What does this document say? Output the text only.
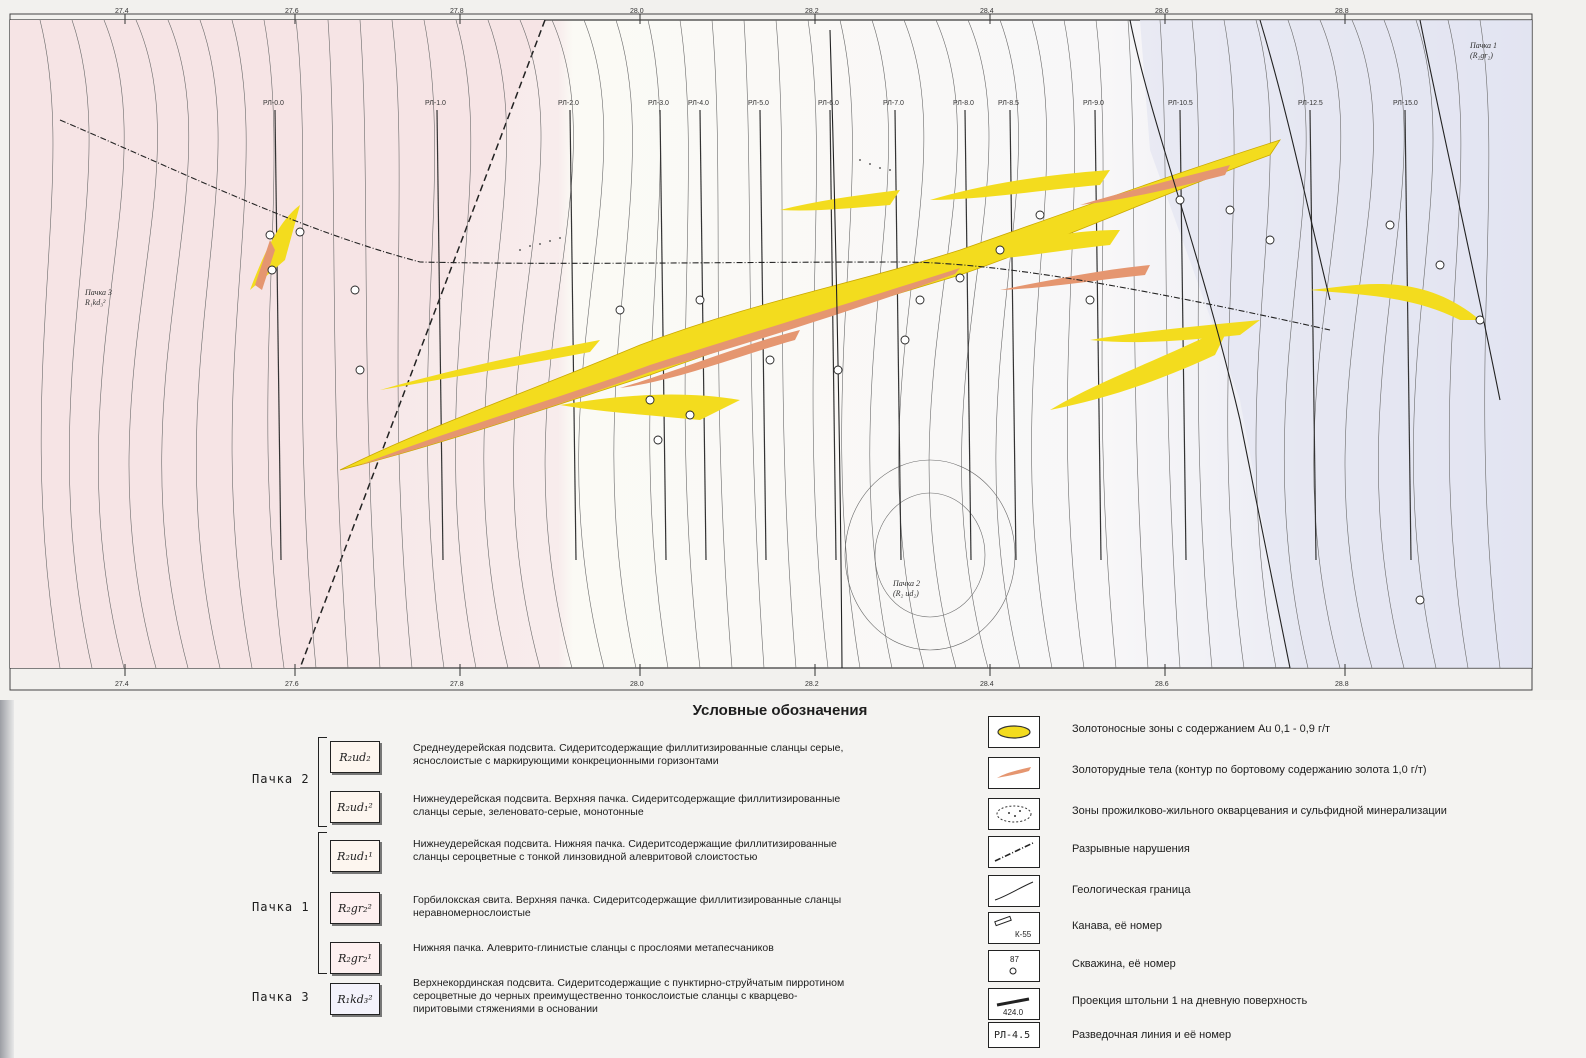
РЛ-0.0	РЛ-1.0	РЛ-2.0	РЛ-3.0	РЛ-4.0	РЛ-5.0	РЛ-6.0	РЛ-7.0	РЛ-8.0	РЛ-8.5	РЛ-9.0	РЛ-10.5	РЛ-12.5	РЛ-15.0
27.4	27.6	27.8	28.0	28.2	28.4	28.6	28.8
27.4	27.6	27.8	28.0	28.2	28.4	28.6	28.8
Пачка 3
R₁kd₃²
Пачка 2
(R₂ ud₂)
Пачка 1
(R₂gr₂)
Условные обозначения
Пачка 2
Пачка 1
Пачка 3
R₂ud₂
Среднеудерейская подсвита. Сидеритсодержащие филлитизированные сланцы серые, яснослоистые с маркирующими конкреционными горизонтами
R₂ud₁²
Нижнеудерейская подсвита. Верхняя пачка. Сидеритсодержащие филлитизированные сланцы серые, зеленовато-серые, монотонные
R₂ud₁¹
Нижнеудерейская подсвита. Нижняя пачка. Сидеритсодержащие филлитизированные сланцы сероцветные с тонкой линзовидной алевритовой слоистостью
R₂gr₂²
Горбилокская свита. Верхняя пачка. Сидеритсодержащие филлитизированные сланцы неравномернослоистые
R₂gr₂¹
Нижняя пачка. Алеврито-глинистые сланцы с прослоями метапесчаников
R₁kd₃²
Верхнекординская подсвита. Сидеритсодержащие с пунктирно-струйчатым пирротином сероцветные до черных преимущественно тонкослоистые сланцы с кварцево-пиритовыми стяжениями в основании
Золотоносные зоны с содержанием Au 0,1 - 0,9 г/т
Золоторудные тела (контур по бортовому содержанию золота 1,0 г/т)
Зоны прожилково-жильного окварцевания и сульфидной минерализации
Разрывные нарушения
Геологическая граница
К-55
Канава, её номер
87	Скважина, её номер
424.0
Проекция штольни 1 на дневную поверхность
РЛ-4.5	Разведочная линия и её номер
